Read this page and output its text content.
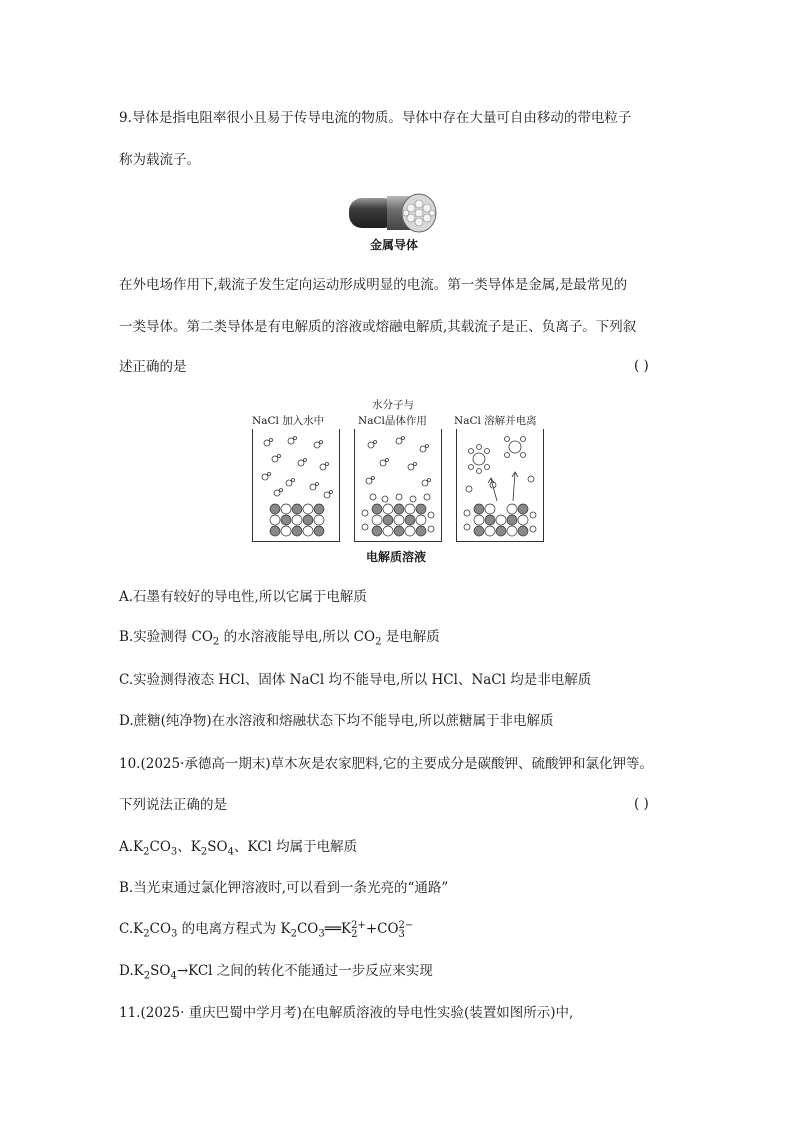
9.导体是指电阻率很小且易于传导电流的物质。导体中存在大量可自由移动的带电粒子
称为载流子。
金属导体
在外电场作用下,载流子发生定向运动形成明显的电流。第一类导体是金属,是最常见的
一类导体。第二类导体是有电解质的溶液或熔融电解质,其载流子是正、负离子。下列叙
述正确的是	( )
NaCl 加入水中
水分子与
NaCl晶体作用	NaCl 溶解并电离
电解质溶液
A.石墨有较好的导电性,所以它属于电解质
B.实验测得 $CO_2$ 的水溶液能导电,所以 $CO_2$ 是电解质
C.实验测得液态 HCl、固体 NaCl 均不能导电,所以 HCl、NaCl 均是非电解质
D.蔗糖(纯净物)在水溶液和熔融状态下均不能导电,所以蔗糖属于非电解质
10.(2025·承德高一期末)草木灰是农家肥料,它的主要成分是碳酸钾、硫酸钾和氯化钾等。
下列说法正确的是	( )
$A.K_2CO_3$、$K_2SO_4$、KCl 均属于电解质
B.当光束通过氯化钾溶液时,可以看到一条光亮的“通路”
$C.K_2CO_3$ 的电离方程式为 $K_2CO_3══K$ 2+
2 +CO 2−
3
$D.K_2SO_4\to KCl$ 之间的转化不能通过一步反应来实现
11.(2025· 重庆巴蜀中学月考)在电解质溶液的导电性实验(装置如图所示)中,
